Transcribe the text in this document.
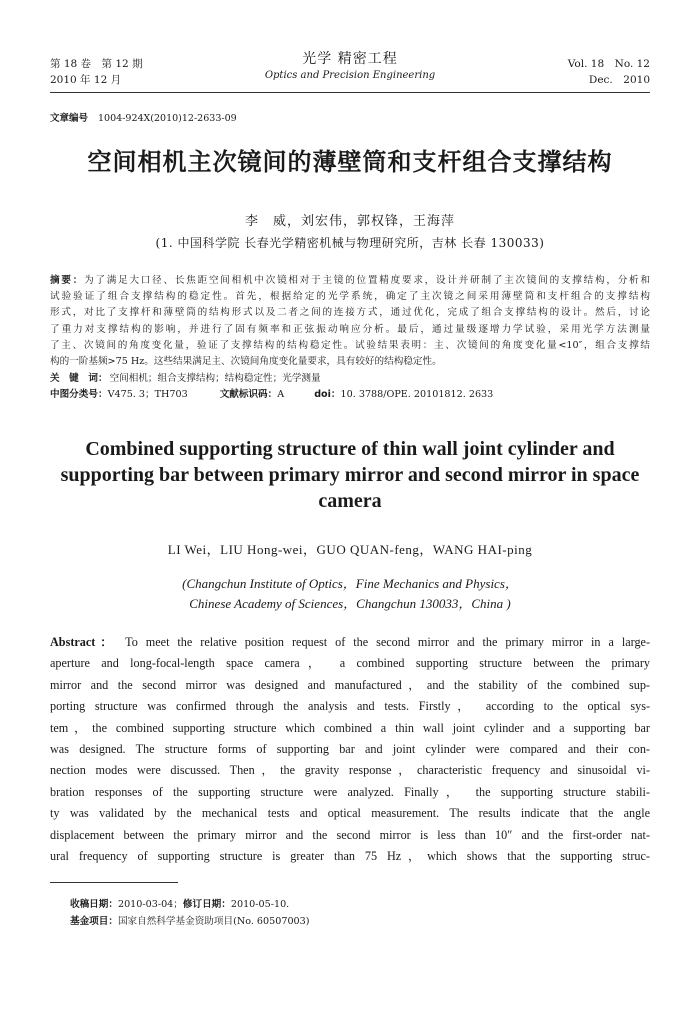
第 18 卷　第 12 期
2010 年 12 月
光学 精密工程
Optics and Precision Engineering
Vol. 18　No. 12
Dec.　2010
文章编号 1004-924X(2010)12-2633-09
空间相机主次镜间的薄壁筒和支杆组合支撑结构
李　威，刘宏伟，郭权锋，王海萍
(1. 中国科学院 长春光学精密机械与物理研究所，吉林 长春 130033)
摘要：为了满足大口径、长焦距空间相机中次镜相对于主镜的位置精度要求，设计并研制了主次镜间的支撑结构，分析和
试验验证了组合支撑结构的稳定性。首先，根据给定的光学系统，确定了主次镜之间采用薄壁筒和支杆组合的支撑结构
形式，对比了支撑杆和薄壁筒的结构形式以及二者之间的连接方式，通过优化，完成了组合支撑结构的设计。然后，讨论
了重力对支撑结构的影响，并进行了固有频率和正弦振动响应分析。最后，通过量级逐增力学试验，采用光学方法测量
了主、次镜间的角度变化量，验证了支撑结构的结构稳定性。试验结果表明：主、次镜间的角度变化量<10″，组合支撑结
构的一阶基频>75 Hz。这些结果满足主、次镜间角度变化量要求，具有较好的结构稳定性。
关　键　词： 空间相机；组合支撑结构；结构稳定性；光学测量
中图分类号：V475. 3；TH703	文献标识码：A	doi：10. 3788/OPE. 20101812. 2633
Combined supporting structure of thin wall joint cylinder and supporting bar between primary mirror and second mirror in space camera
LI Wei，LIU Hong-wei，GUO QUAN-feng，WANG HAI-ping
(Changchun Institute of Optics，Fine Mechanics and Physics，
Chinese Academy of Sciences，Changchun 130033，China )
Abstract： To meet the relative position request of the second mirror and the primary mirror in a large-
aperture and long-focal-length space camera， a combined supporting structure between the primary
mirror and the second mirror was designed and manufactured，and the stability of the combined sup-
porting structure was confirmed through the analysis and tests. Firstly， according to the optical sys-
tem，the combined supporting structure which combined a thin wall joint cylinder and a supporting bar
was designed. The structure forms of supporting bar and joint cylinder were compared and their con-
nection modes were discussed. Then，the gravity response，characteristic frequency and sinusoidal vi-
bration responses of the supporting structure were analyzed. Finally， the supporting structure stabili-
ty was validated by the mechanical tests and optical measurement. The results indicate that the angle
displacement between the primary mirror and the second mirror is less than 10″ and the first-order nat-
ural frequency of supporting structure is greater than 75 Hz，which shows that the supporting struc-
收稿日期：2010-03-04；修订日期：2010-05-10.
基金项目：国家自然科学基金资助项目(No. 60507003)
